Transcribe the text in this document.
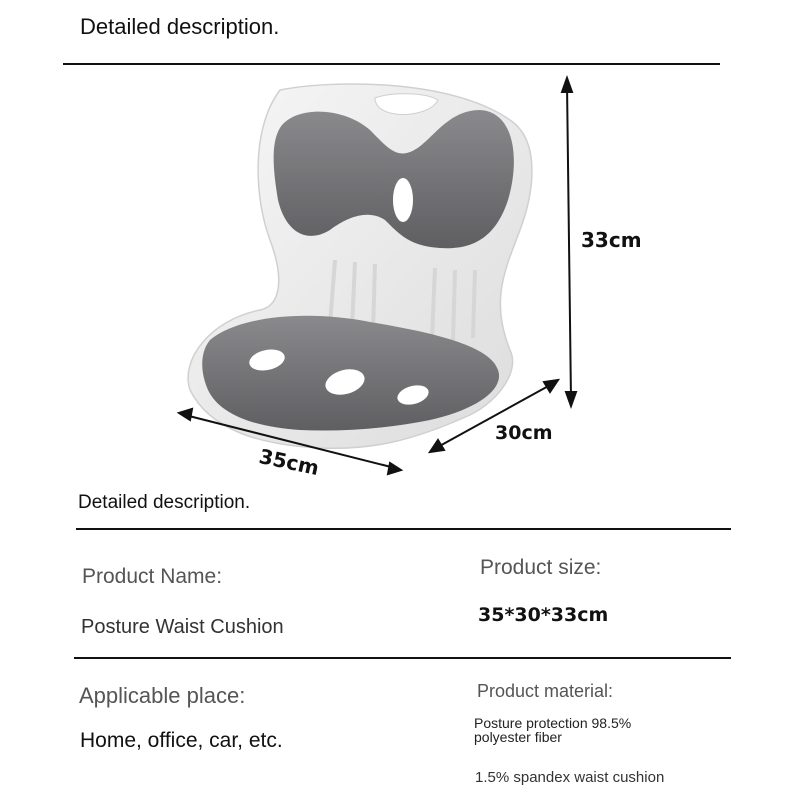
Detailed description.
33cm
30cm
35cm
Detailed description.
Product Name:
Posture Waist Cushion
Product size:
35*30*33cm
Applicable place:
Home, office, car, etc.
Product material:
Posture protection 98.5% polyester fiber
1.5% spandex waist cushion
